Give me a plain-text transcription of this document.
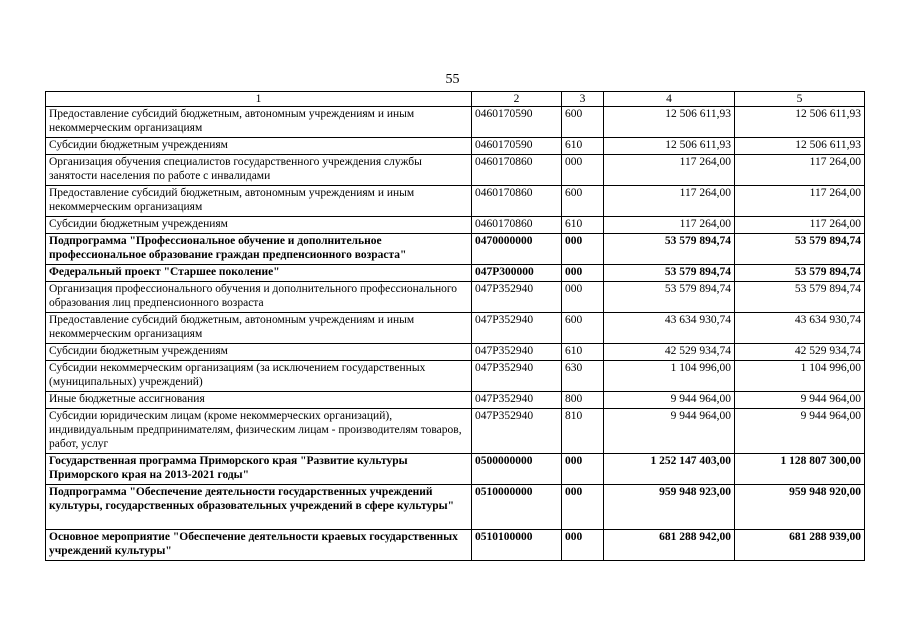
55
1	2	3	4	5
Предоставление субсидий бюджетным, автономным учреждениям и иным некоммерческим организациям	0460170590	600	12 506 611,93	12 506 611,93
Субсидии бюджетным учреждениям	0460170590	610	12 506 611,93	12 506 611,93
Организация обучения специалистов государственного учреждения службы занятости населения по работе с инвалидами	0460170860	000	117 264,00	117 264,00
Предоставление субсидий бюджетным, автономным учреждениям и иным некоммерческим организациям	0460170860	600	117 264,00	117 264,00
Субсидии бюджетным учреждениям	0460170860	610	117 264,00	117 264,00
Подпрограмма "Профессиональное обучение и дополнительное профессиональное образование граждан предпенсионного возраста"	0470000000	000	53 579 894,74	53 579 894,74
Федеральный проект "Старшее поколение"	047P300000	000	53 579 894,74	53 579 894,74
Организация профессионального обучения и дополнительного профессионального образования лиц предпенсионного возраста	047P352940	000	53 579 894,74	53 579 894,74
Предоставление субсидий бюджетным, автономным учреждениям и иным некоммерческим организациям	047P352940	600	43 634 930,74	43 634 930,74
Субсидии бюджетным учреждениям	047P352940	610	42 529 934,74	42 529 934,74
Субсидии некоммерческим организациям (за исключением государственных (муниципальных) учреждений)	047P352940	630	1 104 996,00	1 104 996,00
Иные бюджетные ассигнования	047P352940	800	9 944 964,00	9 944 964,00
Субсидии юридическим лицам (кроме некоммерческих организаций), индивидуальным предпринимателям, физическим лицам - производителям товаров, работ, услуг	047P352940	810	9 944 964,00	9 944 964,00
Государственная программа Приморского края "Развитие культуры Приморского края на 2013-2021 годы"	0500000000	000	1 252 147 403,00	1 128 807 300,00
Подпрограмма "Обеспечение деятельности государственных учреждений культуры, государственных образовательных учреждений в сфере культуры"	0510000000	000	959 948 923,00	959 948 920,00
Основное мероприятие "Обеспечение деятельности краевых государственных учреждений культуры"	0510100000	000	681 288 942,00	681 288 939,00
